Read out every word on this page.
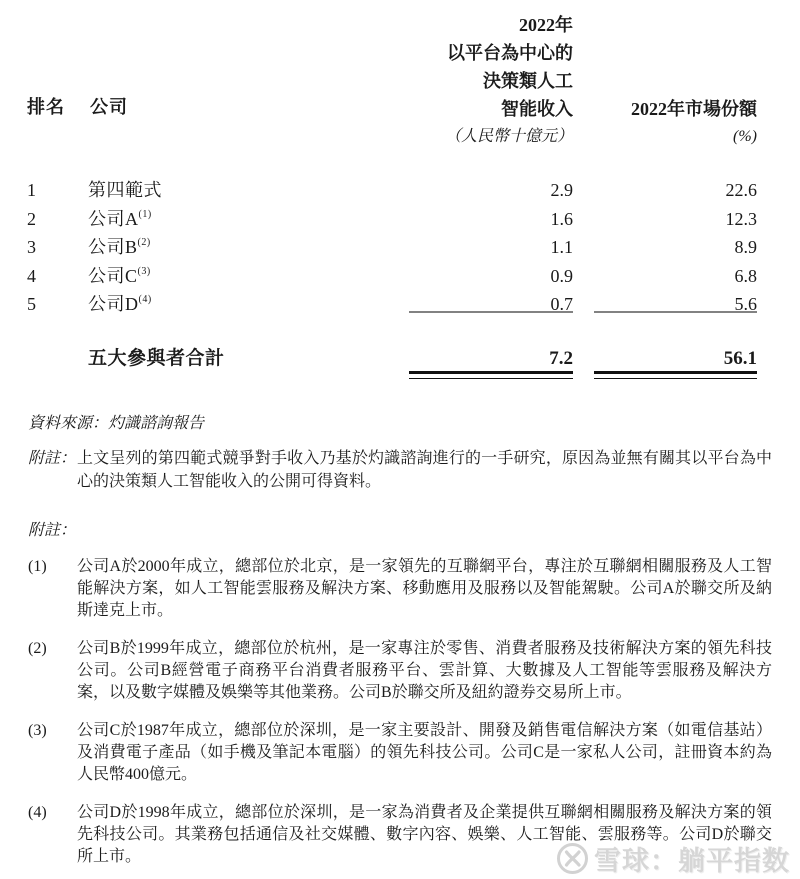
排名 公司
2022年
以平台為中心的
決策類人工
智能收入
（人民幣十億元）
2022年市場份額
(%)
1	第四範式	2.9	22.6
2	公司$A^{(1)}$	1.6	12.3
3	公司$B^{(2)}$	1.1	8.9
4	公司$C^{(3)}$	0.9	6.8
5	公司$D^{(4)}$	0.7	5.6
五大參與者合計	7.2	56.1
資料來源：灼識諮詢報告
附註： 上文呈列的第四範式競爭對手收入乃基於灼識諮詢進行的一手研究，原因為並無有關其以平台為中心的決策類人工智能收入的公開可得資料。
附註：
(1)	公司A於2000年成立，總部位於北京，是一家領先的互聯網平台，專注於互聯網相關服務及人工智能解決方案，如人工智能雲服務及解決方案、移動應用及服務以及智能駕駛。公司A於聯交所及納斯達克上市。
(2)	公司B於1999年成立，總部位於杭州，是一家專注於零售、消費者服務及技術解決方案的領先科技公司。公司B經營電子商務平台消費者服務平台、雲計算、大數據及人工智能等雲服務及解決方案，以及數字媒體及娛樂等其他業務。公司B於聯交所及紐約證券交易所上市。
(3)	公司C於1987年成立，總部位於深圳，是一家主要設計、開發及銷售電信解決方案（如電信基站）及消費電子產品（如手機及筆記本電腦）的領先科技公司。公司C是一家私人公司，註冊資本約為人民幣400億元。
(4)	公司D於1998年成立，總部位於深圳，是一家為消費者及企業提供互聯網相關服務及解決方案的領先科技公司。其業務包括通信及社交媒體、數字內容、娛樂、人工智能、雲服務等。公司D於聯交所上市。	雪球：躺平指数
